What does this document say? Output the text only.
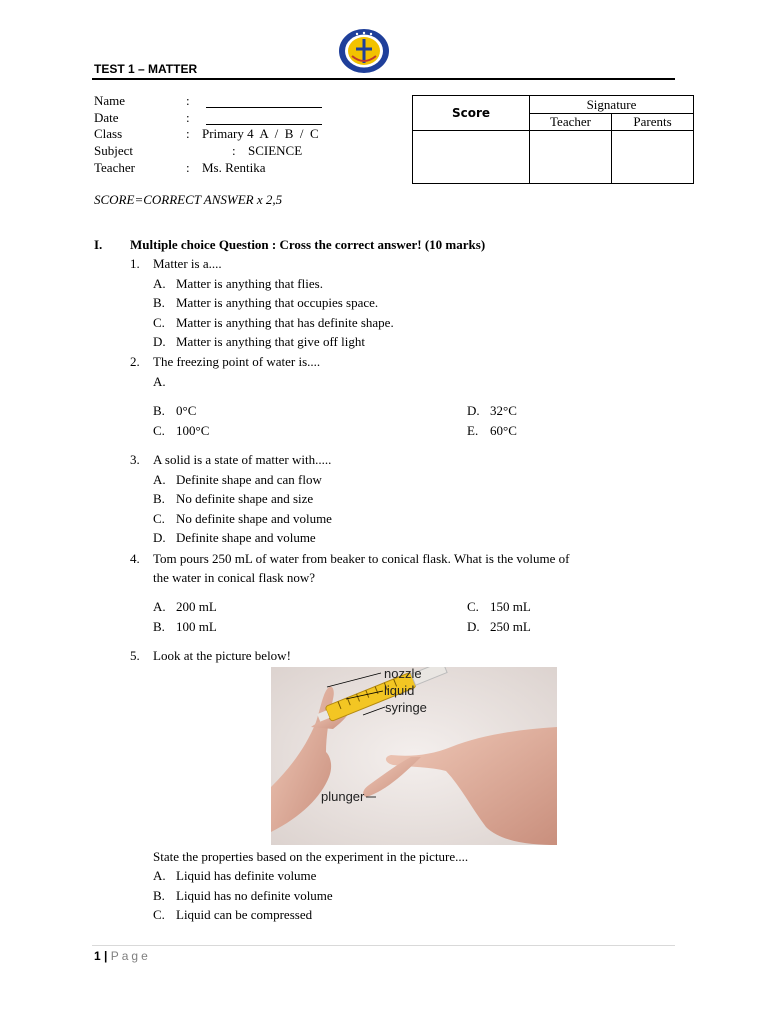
TEST 1 – MATTER
Name	:
Date	:
Class	: Primary 4  A  /  B  /  C
Subject	: SCIENCE
Teacher	: Ms. Rentika
Score	Signature	
	Teacher	Parents

SCORE=CORRECT ANSWER x 2,5
I. Multiple choice Question : Cross the correct answer! (10 marks)
1. Matter is a....
A. Matter is anything that flies.
B. Matter is anything that occupies space.
C. Matter is anything that has definite shape.
D. Matter is anything that give off light
2. The freezing point of water is....
A.
B. 0°C
C. 100°C
D. 32°C
E. 60°C
3. A solid is a state of matter with.....
A. Definite shape and can flow
B. No definite shape and size
C. No definite shape and volume
D. Definite shape and volume
4. Tom pours 250 mL of water from beaker to conical flask. What is the volume of
the water in conical flask now?
A. 200 mL
B. 100 mL
C. 150 mL
D. 250 mL
5. Look at the picture below!
nozzle
liquid
syringe
plunger
State the properties based on the experiment in the picture....
A. Liquid has definite volume
B. Liquid has no definite volume
C. Liquid can be compressed
1 | Page
